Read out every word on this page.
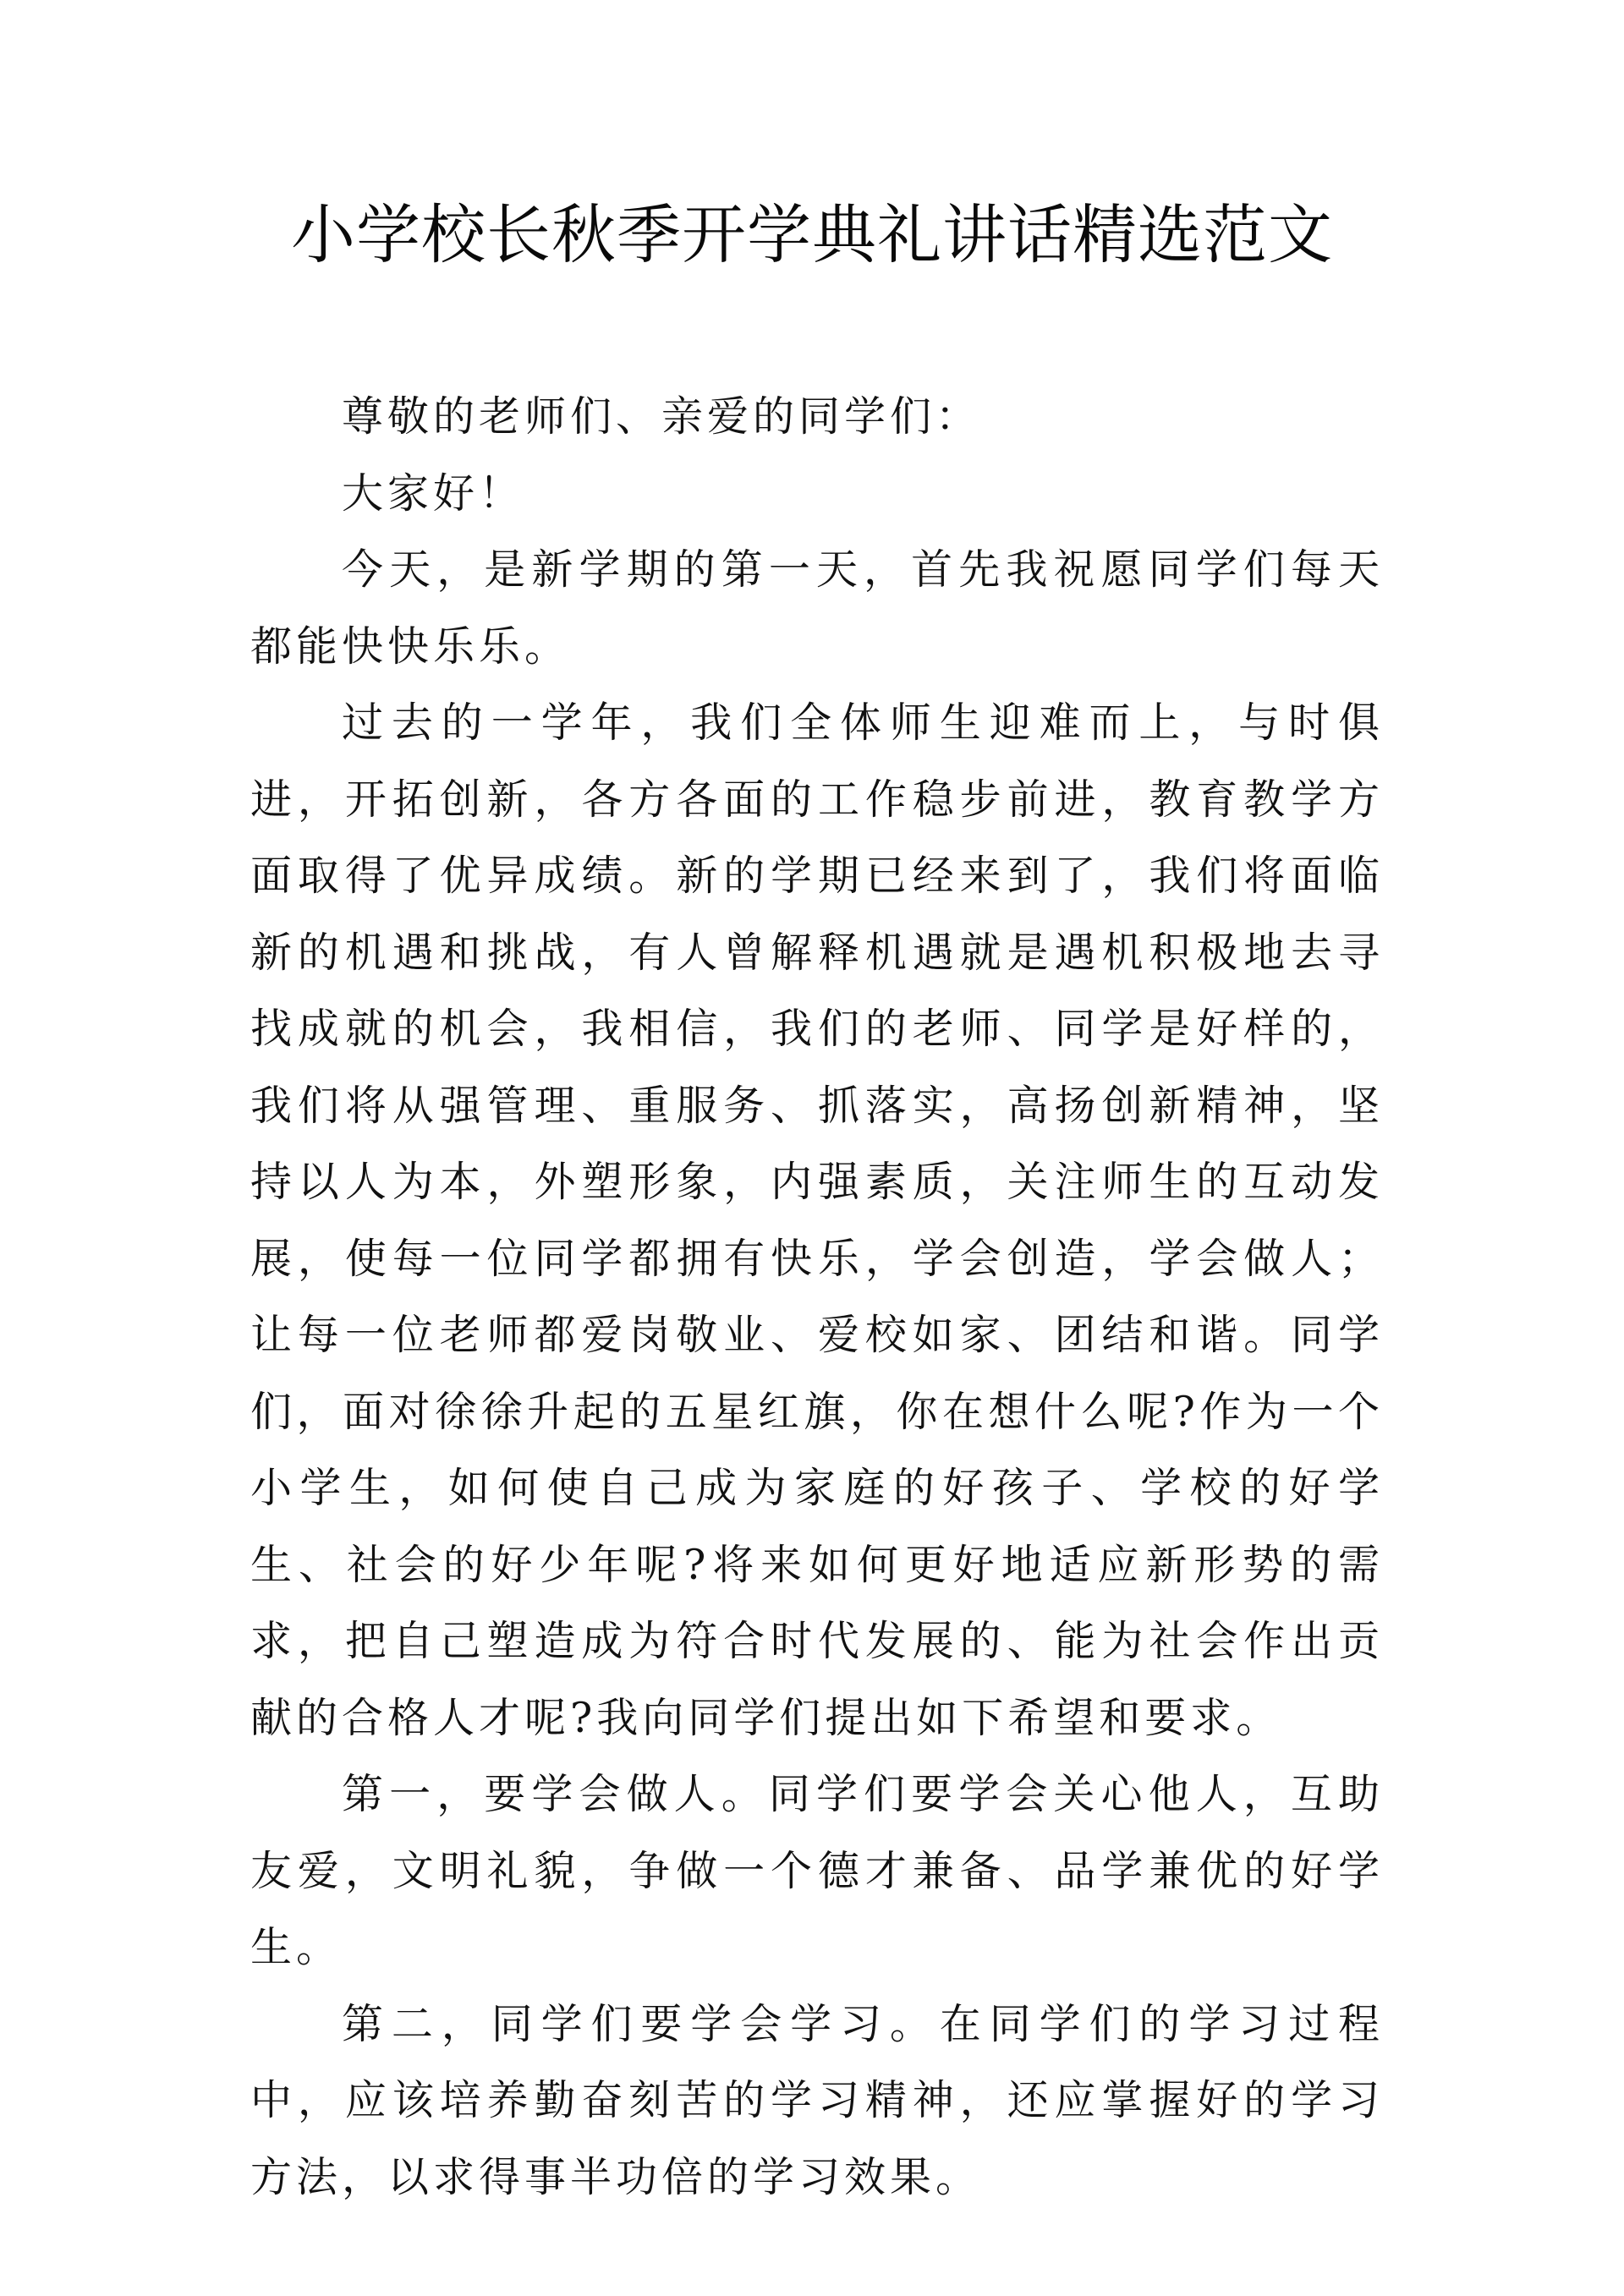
小学校长秋季开学典礼讲话精选范文

尊敬的老师们、亲爱的同学们：

大家好！

今天，是新学期的第一天，首先我祝愿同学们每天都能快快乐乐。

过去的一学年，我们全体师生迎难而上，与时俱进，开拓创新，各方各面的工作稳步前进，教育教学方面取得了优异成绩。新的学期已经来到了，我们将面临新的机遇和挑战，有人曾解释机遇就是遇机积极地去寻找成就的机会，我相信，我们的老师、同学是好样的，我们将从强管理、重服务、抓落实，高扬创新精神，坚持以人为本，外塑形象，内强素质，关注师生的互动发展，使每一位同学都拥有快乐，学会创造，学会做人；让每一位老师都爱岗敬业、爱校如家、团结和谐。同学们，面对徐徐升起的五星红旗，你在想什么呢?作为一个小学生，如何使自己成为家庭的好孩子、学校的好学生、社会的好少年呢?将来如何更好地适应新形势的需求，把自己塑造成为符合时代发展的、能为社会作出贡献的合格人才呢?我向同学们提出如下希望和要求。

第一，要学会做人。同学们要学会关心他人，互助友爱，文明礼貌，争做一个德才兼备、品学兼优的好学生。

第二，同学们要学会学习。在同学们的学习过程中，应该培养勤奋刻苦的学习精神，还应掌握好的学习方法，以求得事半功倍的学习效果。
